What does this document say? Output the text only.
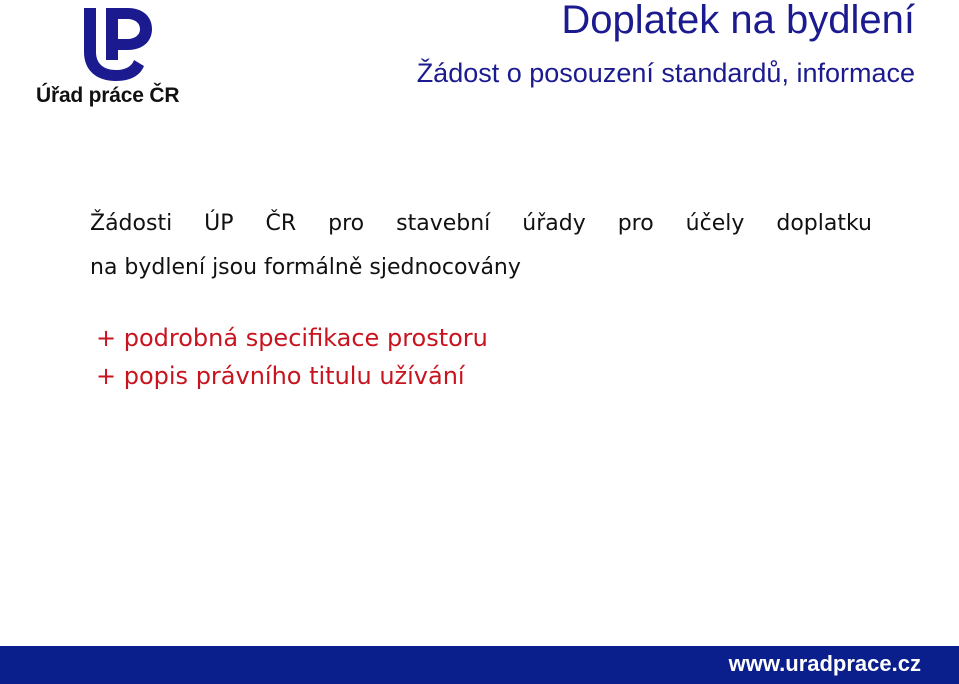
Úřad práce ČR
Doplatek na bydlení
Žádost o posouzení standardů, informace
Žádosti ÚP ČR pro stavební úřady pro účely doplatku
na bydlení jsou formálně sjednocovány
+ podrobná specifikace prostoru
+ popis právního titulu užívání
www.uradprace.cz
